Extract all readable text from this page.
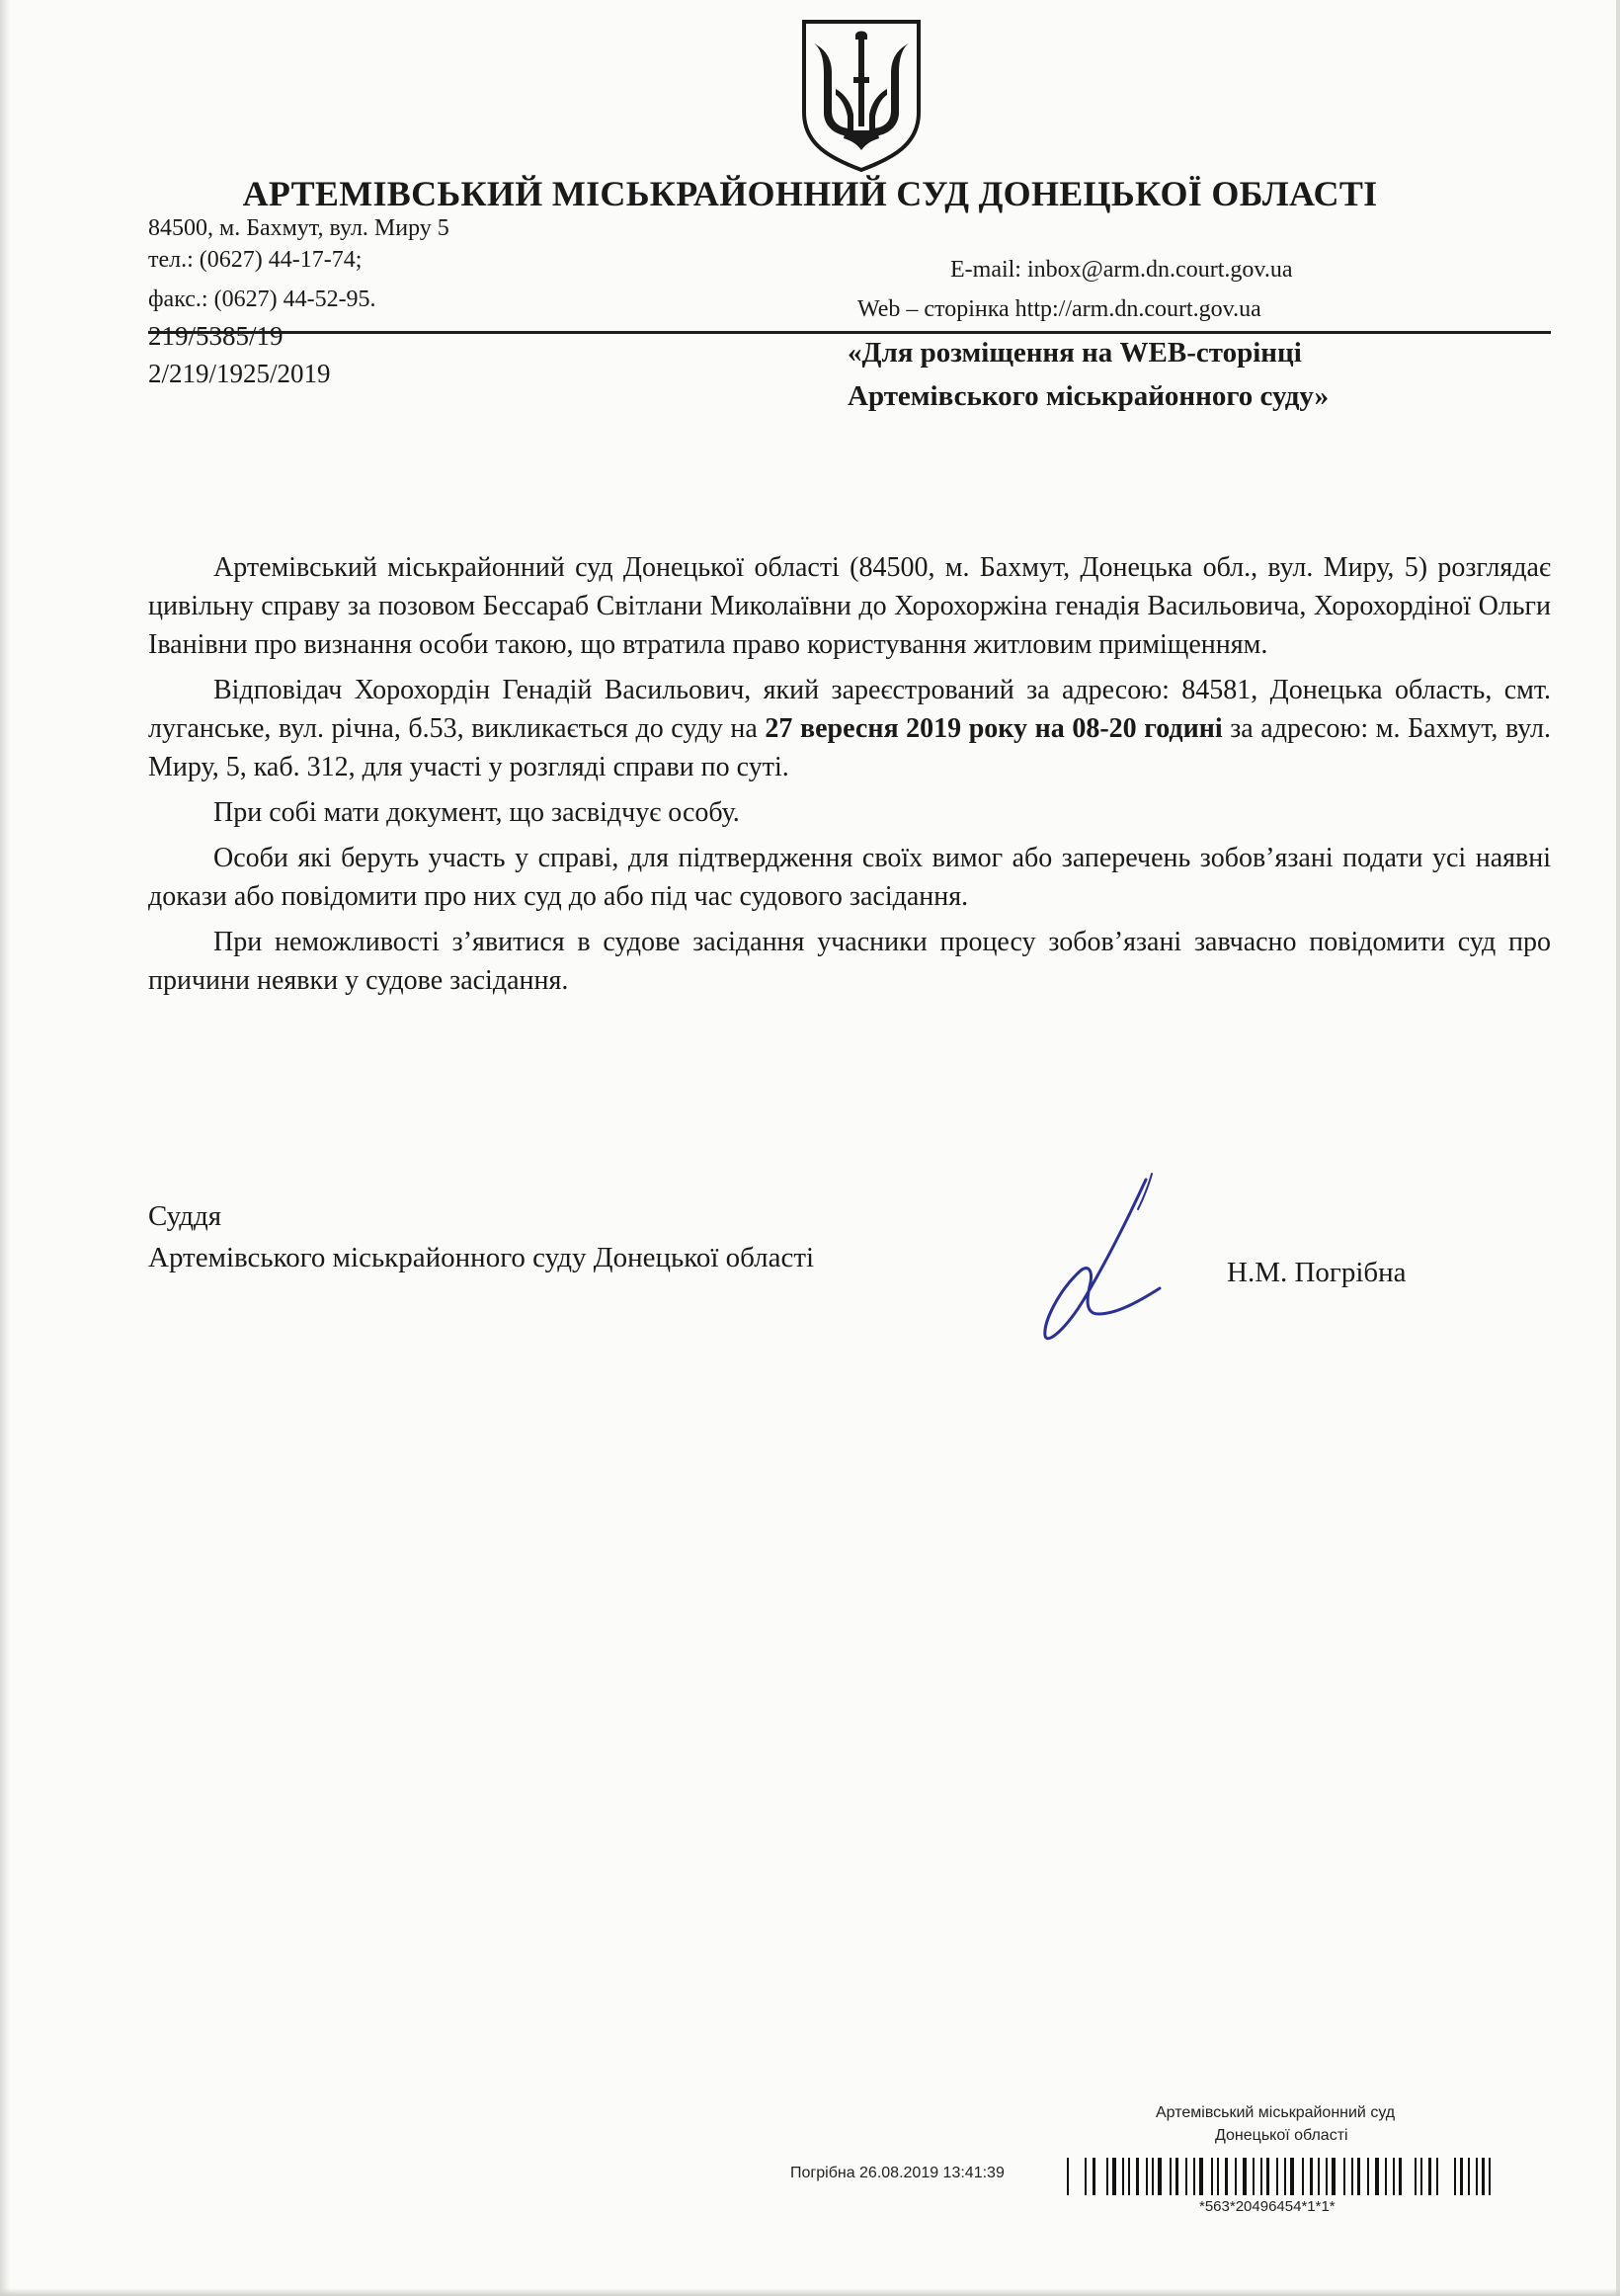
АРТЕМІВСЬКИЙ МІСЬКРАЙОННИЙ СУД ДОНЕЦЬКОЇ ОБЛАСТІ
84500, м. Бахмут, вул. Миру 5
тел.: (0627) 44-17-74;
факс.: (0627) 44-52-95.
E-mail: inbox@arm.dn.court.gov.ua
Web – сторінка http://arm.dn.court.gov.ua
219/5385/19
2/219/1925/2019
«Для розміщення на WEB-сторінці
Артемівського міськрайонного суду»

Артемівський міськрайонний суд Донецької області (84500, м. Бахмут, Донецька обл., вул. Миру, 5) розглядає цивільну справу за позовом Бессараб Світлани Миколаївни до Хорохоржіна генадія Васильовича, Хорохордіної Ольги Іванівни про визнання особи такою, що втратила право користування житловим приміщенням.

Відповідач Хорохордін Генадій Васильович, який зареєстрований за адресою: 84581, Донецька область, смт. луганське, вул. річна, б.53, викликається до суду на 27 вересня 2019 року на 08-20 годині за адресою: м. Бахмут, вул. Миру, 5, каб. 312, для участі у розгляді справи по суті.

При собі мати документ, що засвідчує особу.

Особи які беруть участь у справі, для підтвердження своїх вимог або заперечень зобов’язані подати усі наявні докази або повідомити про них суд до або під час судового засідання.

При неможливості з’явитися в судове засідання учасники процесу зобов’язані завчасно повідомити суд про причини неявки у судове засідання.

Суддя
Артемівського міськрайонного суду Донецької області	Н.М. Погрібна
Артемівський міськрайонний суд
Донецької області
Погрібна 26.08.2019 13:41:39
*563*20496454*1*1*
